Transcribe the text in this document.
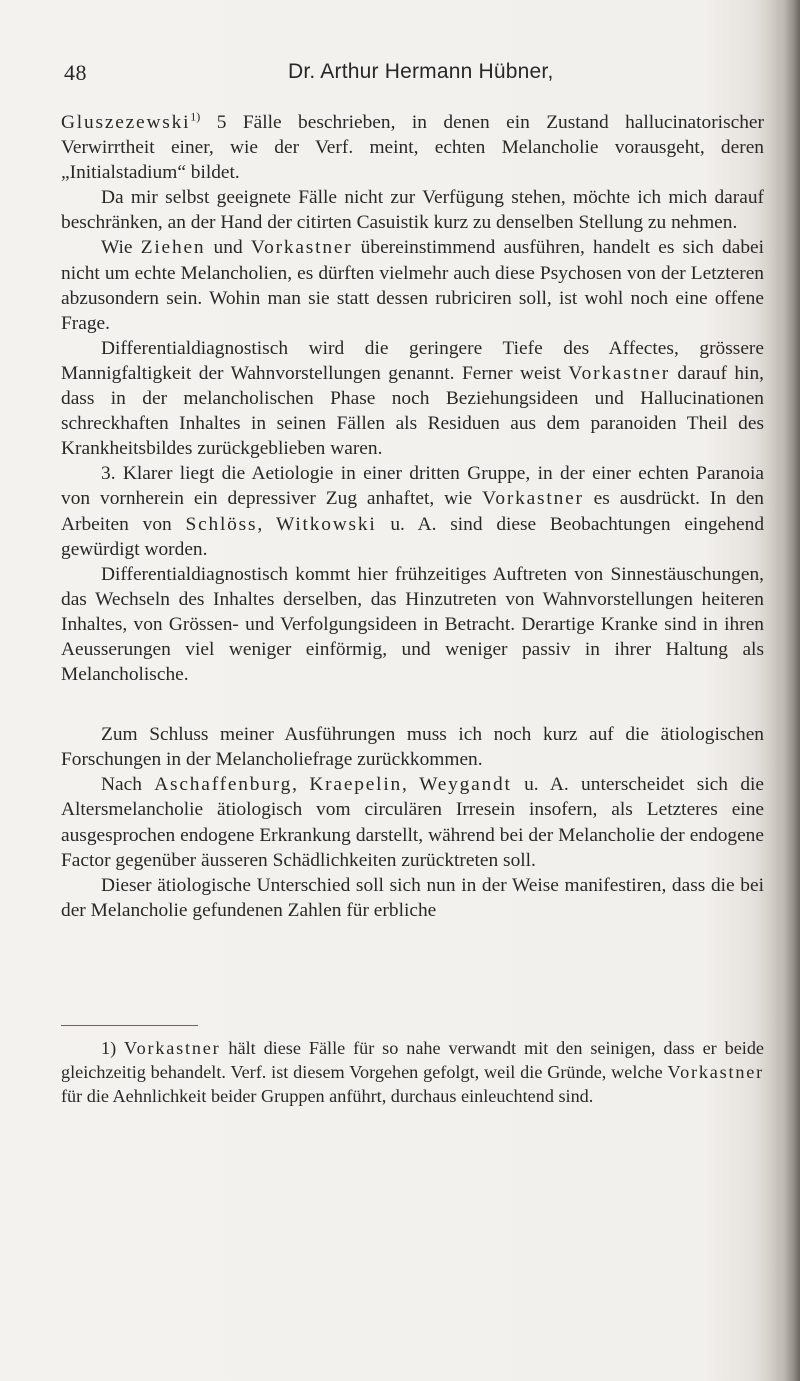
48	Dr. Arthur Hermann Hübner,

Gluszezewski$^{1)}$ 5 Fälle beschrieben, in denen ein Zustand hallucinatorischer Verwirrtheit einer, wie der Verf. meint, echten Melancholie vorausgeht, deren „Initialstadium“ bildet.

Da mir selbst geeignete Fälle nicht zur Verfügung stehen, möchte ich mich darauf beschränken, an der Hand der citirten Casuistik kurz zu denselben Stellung zu nehmen.

Wie Ziehen und Vorkastner übereinstimmend ausführen, handelt es sich dabei nicht um echte Melancholien, es dürften vielmehr auch diese Psychosen von der Letzteren abzusondern sein. Wohin man sie statt dessen rubriciren soll, ist wohl noch eine offene Frage.

Differentialdiagnostisch wird die geringere Tiefe des Affectes, grössere Mannigfaltigkeit der Wahnvorstellungen genannt. Ferner weist Vorkastner darauf hin, dass in der melancholischen Phase noch Beziehungsideen und Hallucinationen schreckhaften Inhaltes in seinen Fällen als Residuen aus dem paranoiden Theil des Krankheitsbildes zurückgeblieben waren.

3. Klarer liegt die Aetiologie in einer dritten Gruppe, in der einer echten Paranoia von vornherein ein depressiver Zug anhaftet, wie Vorkastner es ausdrückt. In den Arbeiten von Schlöss, Witkowski u. A. sind diese Beobachtungen eingehend gewürdigt worden.

Differentialdiagnostisch kommt hier frühzeitiges Auftreten von Sinnestäuschungen, das Wechseln des Inhaltes derselben, das Hinzutreten von Wahnvorstellungen heiteren Inhaltes, von Grössen- und Verfolgungsideen in Betracht. Derartige Kranke sind in ihren Aeusserungen viel weniger einförmig, und weniger passiv in ihrer Haltung als Melancholische.

Zum Schluss meiner Ausführungen muss ich noch kurz auf die ätiologischen Forschungen in der Melancholiefrage zurückkommen.

Nach Aschaffenburg, Kraepelin, Weygandt u. A. unterscheidet sich die Altersmelancholie ätiologisch vom circulären Irresein insofern, als Letzteres eine ausgesprochen endogene Erkrankung darstellt, während bei der Melancholie der endogene Factor gegenüber äusseren Schädlichkeiten zurücktreten soll.

Dieser ätiologische Unterschied soll sich nun in der Weise manifestiren, dass die bei der Melancholie gefundenen Zahlen für erbliche

1) Vorkastner hält diese Fälle für so nahe verwandt mit den seinigen, dass er beide gleichzeitig behandelt. Verf. ist diesem Vorgehen gefolgt, weil die Gründe, welche Vorkastner für die Aehnlichkeit beider Gruppen anführt, durchaus einleuchtend sind.
